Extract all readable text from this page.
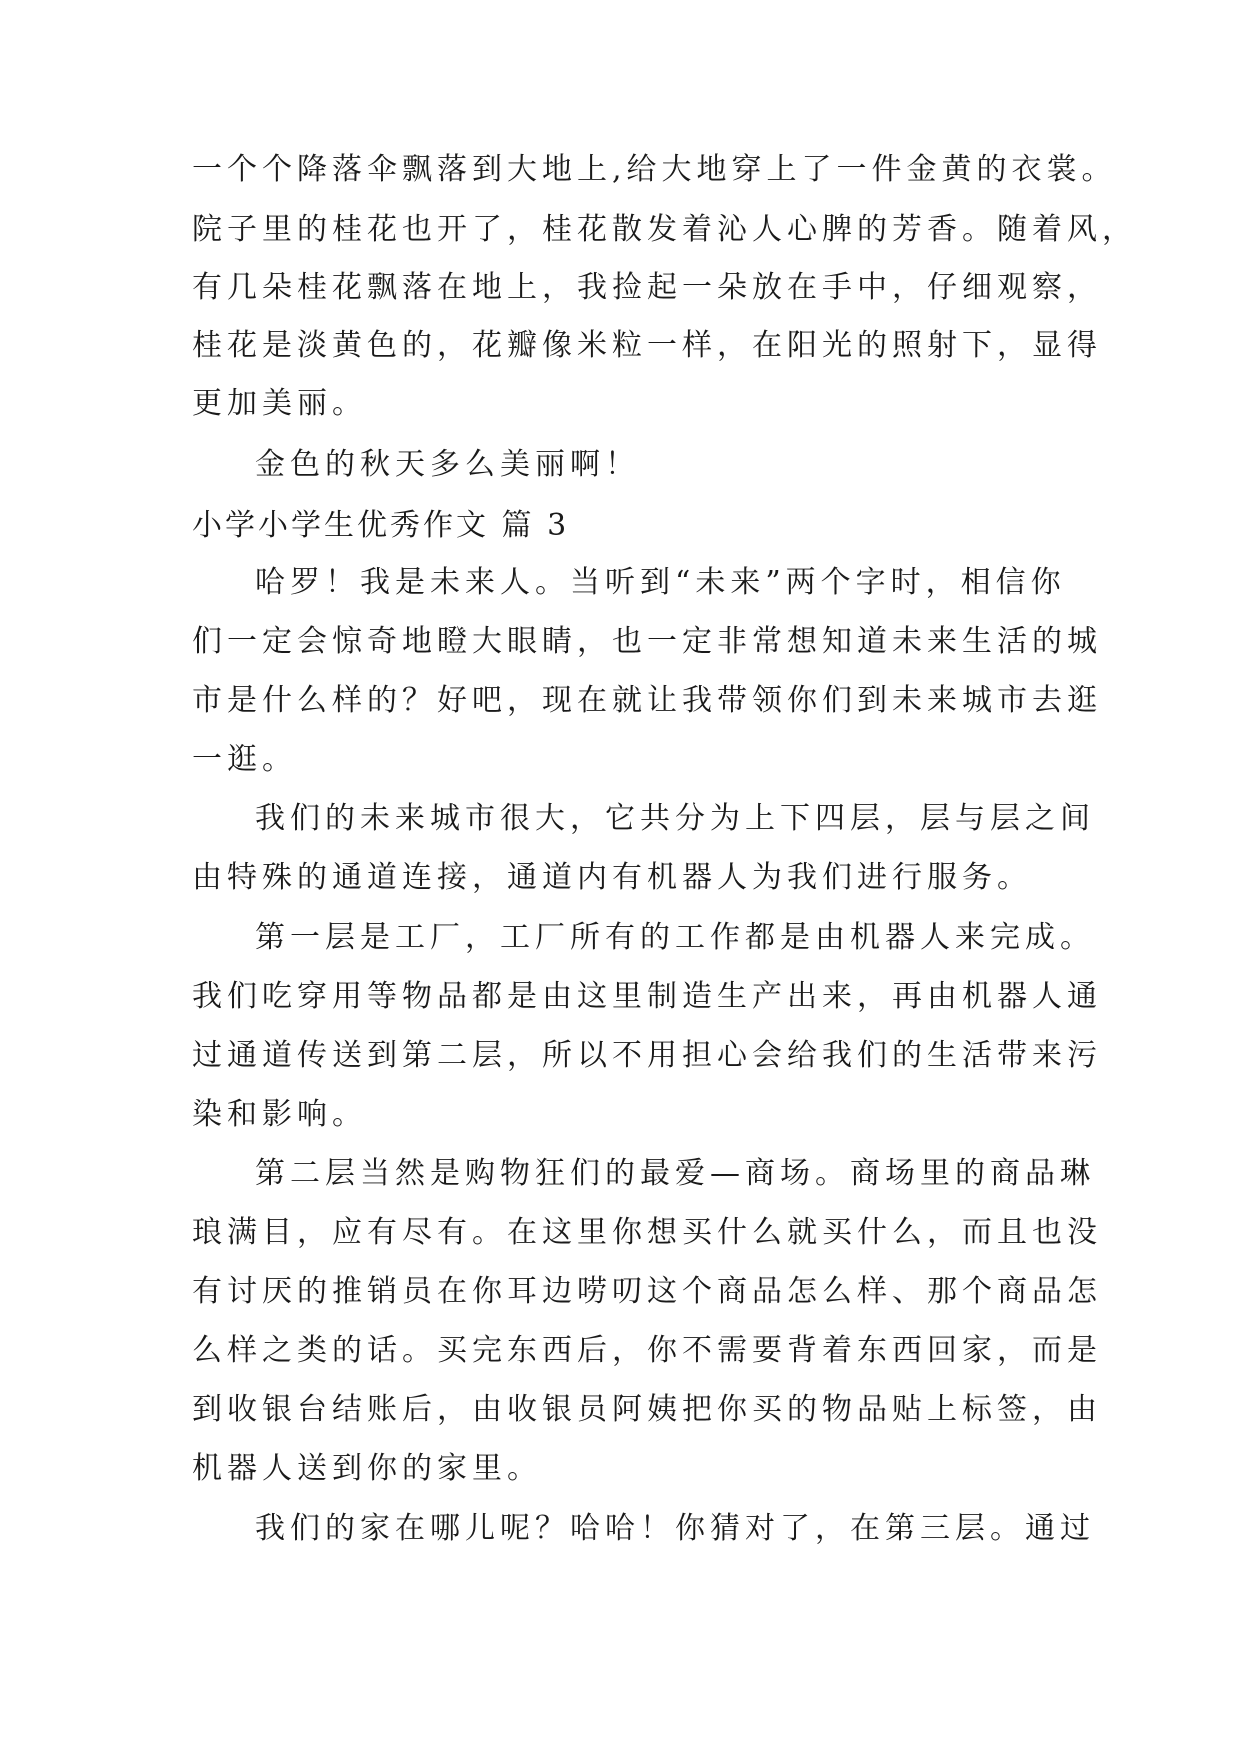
一个个降落伞飘落到大地上,给大地穿上了一件金黄的衣裳。
院子里的桂花也开了，桂花散发着沁人心脾的芳香。随着风，
有几朵桂花飘落在地上，我捡起一朵放在手中，仔细观察，
桂花是淡黄色的，花瓣像米粒一样，在阳光的照射下，显得
更加美丽。
金色的秋天多么美丽啊！
小学小学生优秀作文 篇 3
哈罗！我是未来人。当听到“未来”两个字时，相信你
们一定会惊奇地瞪大眼睛，也一定非常想知道未来生活的城
市是什么样的？好吧，现在就让我带领你们到未来城市去逛
一逛。
我们的未来城市很大，它共分为上下四层，层与层之间
由特殊的通道连接，通道内有机器人为我们进行服务。
第一层是工厂，工厂所有的工作都是由机器人来完成。
我们吃穿用等物品都是由这里制造生产出来，再由机器人通
过通道传送到第二层，所以不用担心会给我们的生活带来污
染和影响。
第二层当然是购物狂们的最爱—商场。商场里的商品琳
琅满目，应有尽有。在这里你想买什么就买什么，而且也没
有讨厌的推销员在你耳边唠叨这个商品怎么样、那个商品怎
么样之类的话。买完东西后，你不需要背着东西回家，而是
到收银台结账后，由收银员阿姨把你买的物品贴上标签，由
机器人送到你的家里。
我们的家在哪儿呢？哈哈！你猜对了，在第三层。通过
